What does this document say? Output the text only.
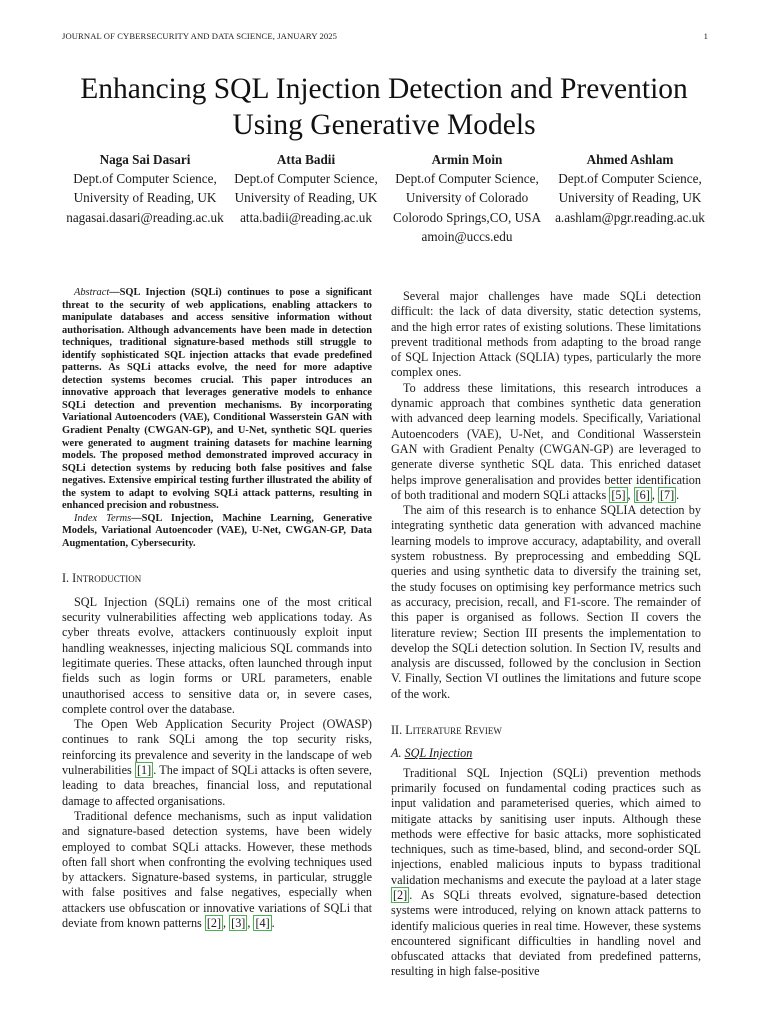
JOURNAL OF CYBERSECURITY AND DATA SCIENCE, JANUARY 2025	1
Enhancing SQL Injection Detection and Prevention
Using Generative Models
Naga Sai Dasari
Dept.of Computer Science,
University of Reading, UK
nagasai.dasari@reading.ac.uk
Atta Badii
Dept.of Computer Science,
University of Reading, UK
atta.badii@reading.ac.uk
Armin Moin
Dept.of Computer Science,
University of Colorado
Colorodo Springs,CO, USA
amoin@uccs.edu
Ahmed Ashlam
Dept.of Computer Science,
University of Reading, UK
a.ashlam@pgr.reading.ac.uk

Abstract—SQL Injection (SQLi) continues to pose a significant threat to the security of web applications, enabling attackers to manipulate databases and access sensitive information without authorisation. Although advancements have been made in detection techniques, traditional signature-based methods still struggle to identify sophisticated SQL injection attacks that evade predefined patterns. As SQLi attacks evolve, the need for more adaptive detection systems becomes crucial. This paper introduces an innovative approach that leverages generative models to enhance SQLi detection and prevention mechanisms. By incorporating Variational Autoencoders (VAE), Conditional Wasserstein GAN with Gradient Penalty (CWGAN-GP), and U-Net, synthetic SQL queries were generated to augment training datasets for machine learning models. The proposed method demonstrated improved accuracy in SQLi detection systems by reducing both false positives and false negatives. Extensive empirical testing further illustrated the ability of the system to adapt to evolving SQLi attack patterns, resulting in enhanced precision and robustness.

Index Terms—SQL Injection, Machine Learning, Generative Models, Variational Autoencoder (VAE), U-Net, CWGAN-GP, Data Augmentation, Cybersecurity.

I. Introduction

SQL Injection (SQLi) remains one of the most critical security vulnerabilities affecting web applications today. As cyber threats evolve, attackers continuously exploit input handling weaknesses, injecting malicious SQL commands into legitimate queries. These attacks, often launched through input fields such as login forms or URL parameters, enable unauthorised access to sensitive data or, in severe cases, complete control over the database.

The Open Web Application Security Project (OWASP) continues to rank SQLi among the top security risks, reinforcing its prevalence and severity in the landscape of web vulnerabilities [1] . The impact of SQLi attacks is often severe, leading to data breaches, financial loss, and reputational damage to affected organisations.

Traditional defence mechanisms, such as input validation and signature-based detection systems, have been widely employed to combat SQLi attacks. However, these methods often fall short when confronting the evolving techniques used by attackers. Signature-based systems, in particular, struggle with false positives and false negatives, especially when attackers use obfuscation or innovative variations of SQLi that deviate from known patterns [2] , [3] , [4] .

Several major challenges have made SQLi detection difficult: the lack of data diversity, static detection systems, and the high error rates of existing solutions. These limitations prevent traditional methods from adapting to the broad range of SQL Injection Attack (SQLIA) types, particularly the more complex ones.

To address these limitations, this research introduces a dynamic approach that combines synthetic data generation with advanced deep learning models. Specifically, Variational Autoencoders (VAE), U-Net, and Conditional Wasserstein GAN with Gradient Penalty (CWGAN-GP) are leveraged to generate diverse synthetic SQL data. This enriched dataset helps improve generalisation and provides better identification of both traditional and modern SQLi attacks [5] , [6] , [7] .

The aim of this research is to enhance SQLIA detection by integrating synthetic data generation with advanced machine learning models to improve accuracy, adaptability, and overall system robustness. By preprocessing and embedding SQL queries and using synthetic data to diversify the training set, the study focuses on optimising key performance metrics such as accuracy, precision, recall, and F1-score. The remainder of this paper is organised as follows. Section II covers the literature review; Section III presents the implementation to develop the SQLi detection solution. In Section IV, results and analysis are discussed, followed by the conclusion in Section V. Finally, Section VI outlines the limitations and future scope of the work.

II. Literature Review
A. SQL Injection

Traditional SQL Injection (SQLi) prevention methods primarily focused on fundamental coding practices such as input validation and parameterised queries, which aimed to mitigate attacks by sanitising user inputs. Although these methods were effective for basic attacks, more sophisticated techniques, such as time-based, blind, and second-order SQL injections, enabled malicious inputs to bypass traditional validation mechanisms and execute the payload at a later stage [2] . As SQLi threats evolved, signature-based detection systems were introduced, relying on known attack patterns to identify malicious queries in real time. However, these systems encountered significant difficulties in handling novel and obfuscated attacks that deviated from predefined patterns, resulting in high false-positive
